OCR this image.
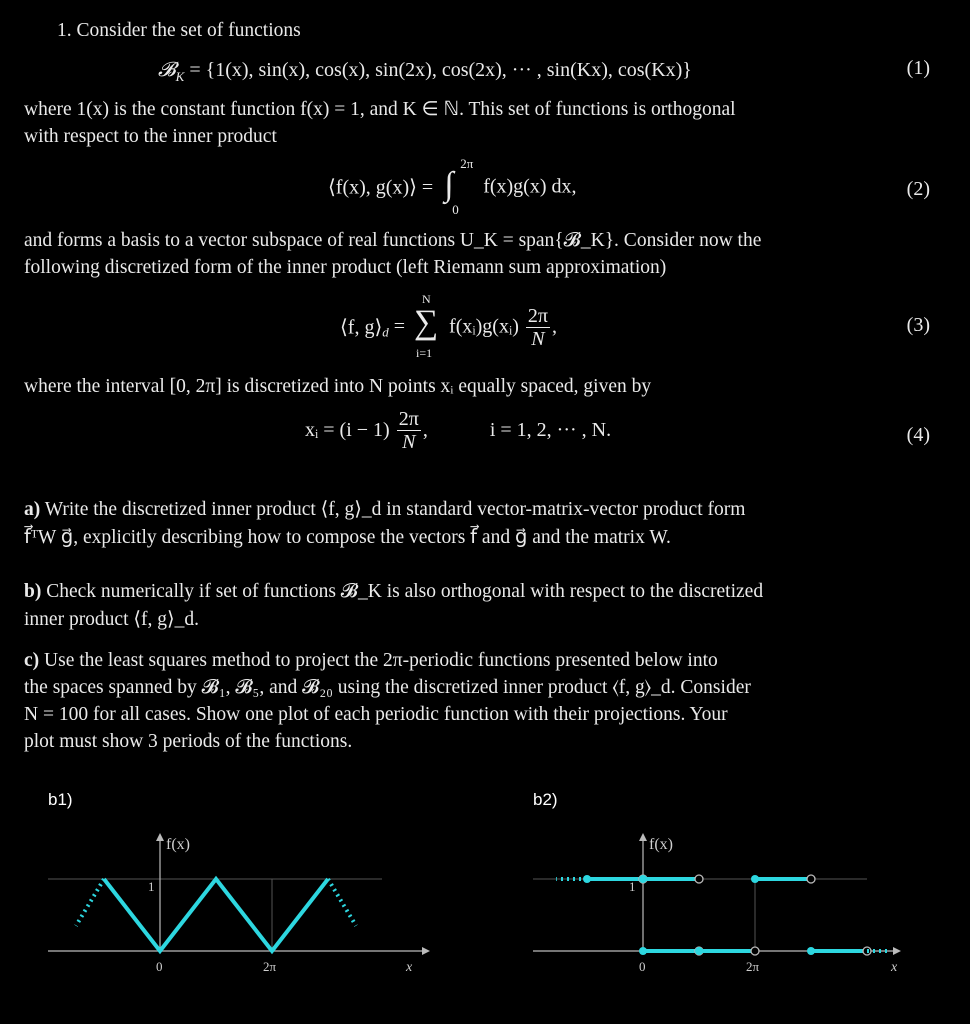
1. Consider the set of functions
𝓑$_K$ = {1(x), sin(x), cos(x), sin(2x), cos(2x), ··· , sin(Kx), cos(Kx)}	(1)
where 1(x) is the constant function f(x) = 1, and K ∈ ℕ. This set of functions is orthogonal
with respect to the inner product
⟨f(x), g(x)⟩ = ∫
2π
0
f(x)g(x) dx,	(2)
and forms a basis to a vector subspace of real functions U_K = span{𝓑_K}. Consider now the
following discretized form of the inner product (left Riemann sum approximation)
⟨f, $g⟩_d$ =
N
∑
i=1
f(xᵢ)g(xᵢ) $\frac{2\pi}{N}$ ,	(3)
where the interval [0, 2π] is discretized into N points xᵢ equally spaced, given by
xᵢ = $(i - 1) \frac{2\pi}{N}$ ,	i = 1, 2, ··· , N.	(4)
a) Write the discretized inner product ⟨f, g⟩_d in standard vector-matrix-vector product form
f⃗ᵀW g⃗, explicitly describing how to compose the vectors f⃗ and g⃗ and the matrix W.
b) Check numerically if set of functions 𝓑_K is also orthogonal with respect to the discretized
inner product ⟨f, g⟩_d.
c) Use the least squares method to project the 2π-periodic functions presented below into
the spaces spanned by 𝓑₁, 𝓑₅, and 𝓑₂₀ using the discretized inner product ⟨f, g⟩_d. Consider
N = 100 for all cases. Show one plot of each periodic function with their projections. Your
plot must show 3 periods of the functions.
b1)	b2)
f(x)
1
0	2π	x
f(x)
1
0	2π	x
